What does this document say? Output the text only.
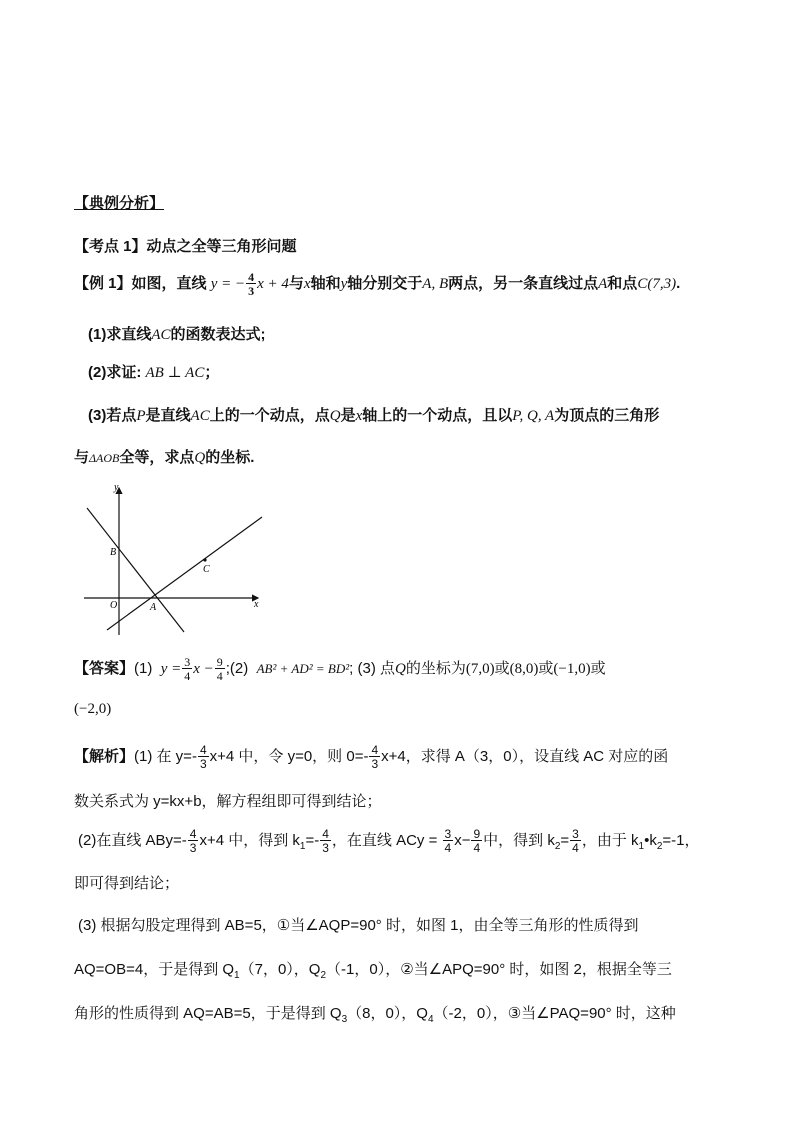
【典例分析】
【考点 1】动点之全等三角形问题
【例 1】如图，直线 y = − $\frac{4}{3}$ x + 4与x轴和y轴分别交于A, B两点，另一条直线过点A和点C(7,3).
(1)求直线AC的函数表达式;
(2)求证: AB ⊥ AC；
(3)若点P是直线AC上的一个动点，点Q是x轴上的一个动点，且以P, Q, A为顶点的三角形
与ΔAOB全等，求点Q的坐标.
y
x
B
C
O	A
【答案】(1) $y = \frac{3}{4}$ $x - \frac{9}{4}$ ;(2) AB² + AD² = BD²; (3) 点Q的坐标为(7,0)或(8,0)或(−1,0)或
(−2,0)
【解析】(1) 在 $y=- \frac{4}{3} x+4$ 中，令 y=0，则 $0=- \frac{4}{3} x+4$，求得 A（3，0），设直线 AC 对应的函
数关系式为 y=kx+b，解方程组即可得到结论；
(2)在直线 $ABy=- \frac{4}{3} x+4$ 中，得到 $k_1=- \frac{4}{3}$ ，在直线 ACy = $\frac{3}{4} x- \frac{9}{4}$ 中，得到 $k_2= \frac{3}{4}$ ，由于 $k_1•k_2=-1$，
即可得到结论；
(3) 根据勾股定理得到 AB=5，①当∠AQP=90° 时，如图 1，由全等三角形的性质得到
AQ=OB=4，于是得到 $Q_1(7$，0），$Q_2(-1$，0），②当∠APQ=90° 时，如图 2，根据全等三
角形的性质得到 AQ=AB=5，于是得到 $Q_3(8$，0），$Q_4(-2$，0），③当∠PAQ=90° 时，这种
